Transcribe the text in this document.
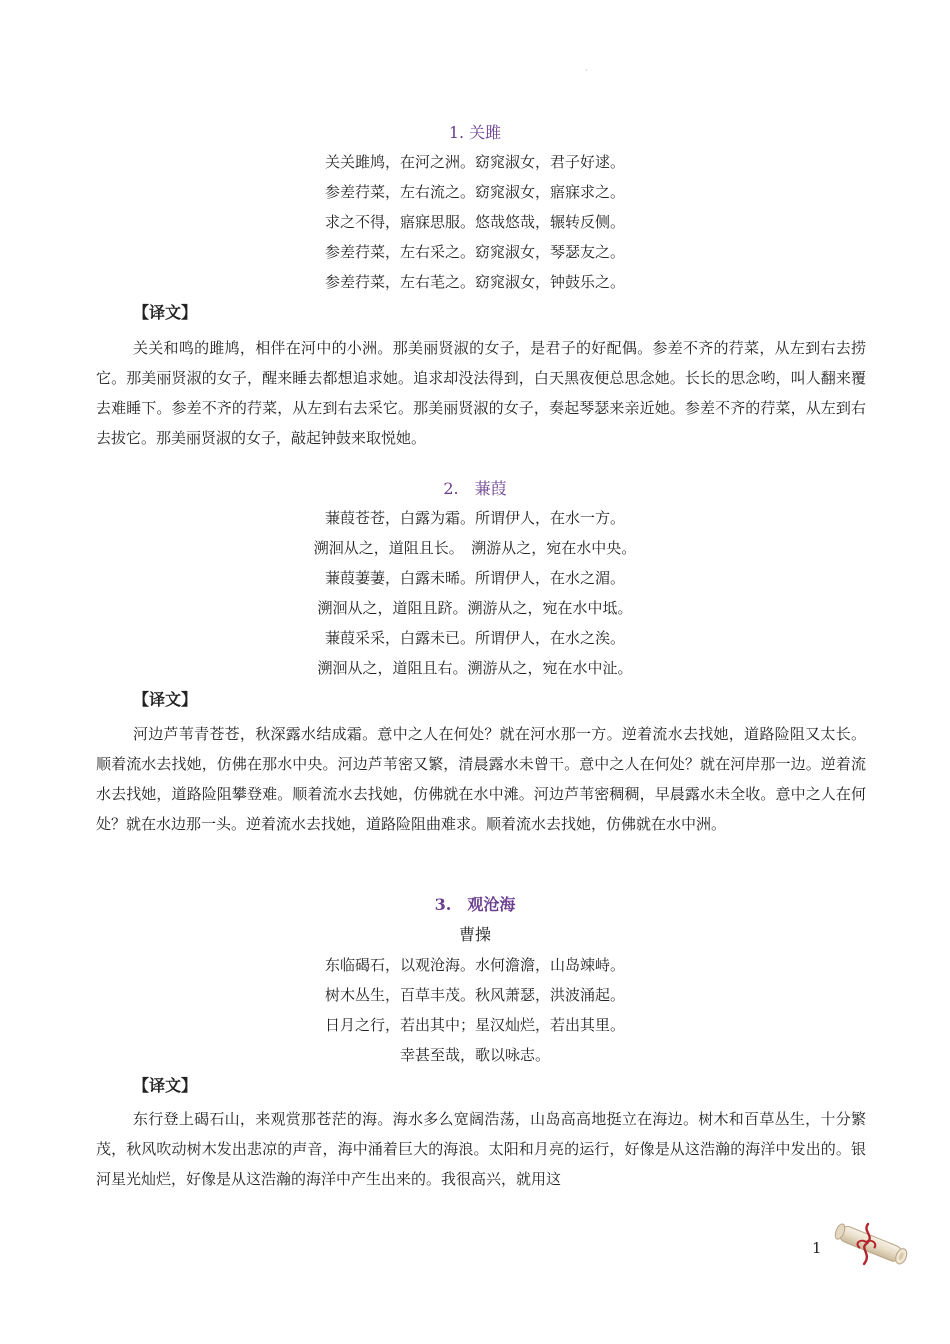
·
1. 关雎
关关雎鸠，在河之洲。窈窕淑女，君子好逑。
参差荇菜，左右流之。窈窕淑女，寤寐求之。
求之不得，寤寐思服。悠哉悠哉，辗转反侧。
参差荇菜，左右采之。窈窕淑女，琴瑟友之。
参差荇菜，左右芼之。窈窕淑女，钟鼓乐之。
【译文】

关关和鸣的雎鸠，相伴在河中的小洲。那美丽贤淑的女子，是君子的好配偶。参差不齐的荇菜，从左到右去捞它。那美丽贤淑的女子，醒来睡去都想追求她。追求却没法得到，白天黑夜便总思念她。长长的思念哟，叫人翻来覆去难睡下。参差不齐的荇菜，从左到右去采它。那美丽贤淑的女子，奏起琴瑟来亲近她。参差不齐的荇菜，从左到右去拔它。那美丽贤淑的女子，敲起钟鼓来取悦她。

2.　蒹葭
蒹葭苍苍，白露为霜。所谓伊人，在水一方。
溯洄从之，道阻且长。　溯游从之，宛在水中央。
蒹葭萋萋，白露未晞。所谓伊人，在水之湄。
溯洄从之，道阻且跻。溯游从之，宛在水中坻。
蒹葭采采，白露未已。所谓伊人，在水之涘。
溯洄从之，道阻且右。溯游从之，宛在水中沚。
【译文】

河边芦苇青苍苍，秋深露水结成霜。意中之人在何处？就在河水那一方。逆着流水去找她，道路险阻又太长。顺着流水去找她，仿佛在那水中央。河边芦苇密又繁，清晨露水未曾干。意中之人在何处？就在河岸那一边。逆着流水去找她，道路险阻攀登难。顺着流水去找她，仿佛就在水中滩。河边芦苇密稠稠，早晨露水未全收。意中之人在何处？就在水边那一头。逆着流水去找她，道路险阻曲难求。顺着流水去找她，仿佛就在水中洲。

3.　观沧海
曹操
东临碣石，以观沧海。水何澹澹，山岛竦峙。
树木丛生，百草丰茂。秋风萧瑟，洪波涌起。
日月之行，若出其中；星汉灿烂，若出其里。
幸甚至哉，歌以咏志。
【译文】

东行登上碣石山，来观赏那苍茫的海。海水多么宽阔浩荡，山岛高高地挺立在海边。树木和百草丛生，十分繁茂，秋风吹动树木发出悲凉的声音，海中涌着巨大的海浪。太阳和月亮的运行，好像是从这浩瀚的海洋中发出的。银河星光灿烂，好像是从这浩瀚的海洋中产生出来的。我很高兴，就用这

1
